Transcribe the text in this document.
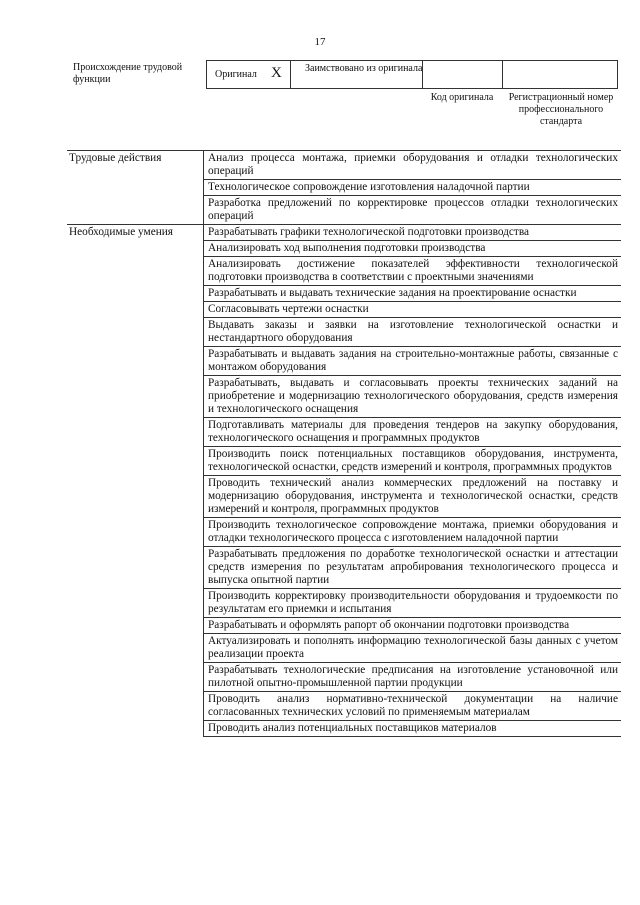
17
Происхождение трудовой функции	Оригинал X Заимствовано из оригинала
Код оригинала	Регистрационный номер профессионального стандарта
Трудовые действия	Анализ процесса монтажа, приемки оборудования и отладки технологических операций
	Технологическое сопровождение изготовления наладочной партии
	Разработка предложений по корректировке процессов отладки технологических операций
Необходимые умения	Разрабатывать графики технологической подготовки производства
	Анализировать ход выполнения подготовки производства
	Анализировать достижение показателей эффективности технологической подготовки производства в соответствии с проектными значениями
	Разрабатывать и выдавать технические задания на проектирование оснастки
	Согласовывать чертежи оснастки
	Выдавать заказы и заявки на изготовление технологической оснастки и нестандартного оборудования
	Разрабатывать и выдавать задания на строительно-монтажные работы, связанные с монтажом оборудования
	Разрабатывать, выдавать и согласовывать проекты технических заданий на приобретение и модернизацию технологического оборудования, средств измерения и технологического оснащения
	Подготавливать материалы для проведения тендеров на закупку оборудования, технологического оснащения и программных продуктов
	Производить поиск потенциальных поставщиков оборудования, инструмента, технологической оснастки, средств измерений и контроля, программных продуктов
	Проводить технический анализ коммерческих предложений на поставку и модернизацию оборудования, инструмента и технологической оснастки, средств измерений и контроля, программных продуктов
	Производить технологическое сопровождение монтажа, приемки оборудования и отладки технологического процесса с изготовлением наладочной партии
	Разрабатывать предложения по доработке технологической оснастки и аттестации средств измерения по результатам апробирования технологического процесса и выпуска опытной партии
	Производить корректировку производительности оборудования и трудоемкости по результатам его приемки и испытания
	Разрабатывать и оформлять рапорт об окончании подготовки производства
	Актуализировать и пополнять информацию технологической базы данных с учетом реализации проекта
	Разрабатывать технологические предписания на изготовление установочной или пилотной опытно-промышленной партии продукции
	Проводить анализ нормативно-технической документации на наличие согласованных технических условий по применяемым материалам
	Проводить анализ потенциальных поставщиков материалов
